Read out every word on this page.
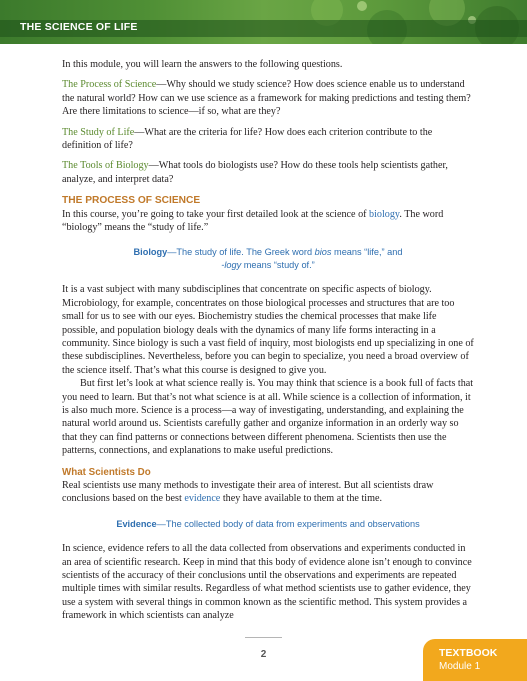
THE SCIENCE OF LIFE

In this module, you will learn the answers to the following questions.

The Process of Science—Why should we study science? How does science enable us to understand the natural world? How can we use science as a framework for making predictions and testing them? Are there limitations to science—if so, what are they?

The Study of Life—What are the criteria for life? How does each criterion contribute to the definition of life?

The Tools of Biology—What tools do biologists use? How do these tools help scientists gather, analyze, and interpret data?

THE PROCESS OF SCIENCE

In this course, you’re going to take your first detailed look at the science of biology. The word “biology” means the “study of life.”

Biology—The study of life. The Greek word bios means “life,” and
-logy means “study of.”

It is a vast subject with many subdisciplines that concentrate on specific aspects of biology. Microbiology, for example, concentrates on those biological processes and structures that are too small for us to see with our eyes. Biochemistry studies the chemical processes that make life possible, and population biology deals with the dynamics of many life forms interacting in a community. Since biology is such a vast field of inquiry, most biologists end up specializing in one of these subdisciplines. Nevertheless, before you can begin to specialize, you need a broad overview of the science itself. That’s what this course is designed to give you.

But first let’s look at what science really is. You may think that science is a book full of facts that you need to learn. But that’s not what science is at all. While science is a collection of information, it is also much more. Science is a process—a way of investigating, understanding, and explaining the natural world around us. Scientists carefully gather and organize information in an orderly way so that they can find patterns or connections between different phenomena. Scientists then use the patterns, connections, and explanations to make useful predictions.

What Scientists Do

Real scientists use many methods to investigate their area of interest. But all scientists draw conclusions based on the best evidence they have available to them at the time.

Evidence—The collected body of data from experiments and observations

In science, evidence refers to all the data collected from observations and experiments conducted in an area of scientific research. Keep in mind that this body of evidence alone isn’t enough to convince scientists of the accuracy of their conclusions until the observations and experiments are repeated multiple times with similar results. Regardless of what method scientists use to gather evidence, they use a system with several things in common known as the scientific method. This system provides a framework in which scientists can analyze

2	TEXTBOOK
Module 1
